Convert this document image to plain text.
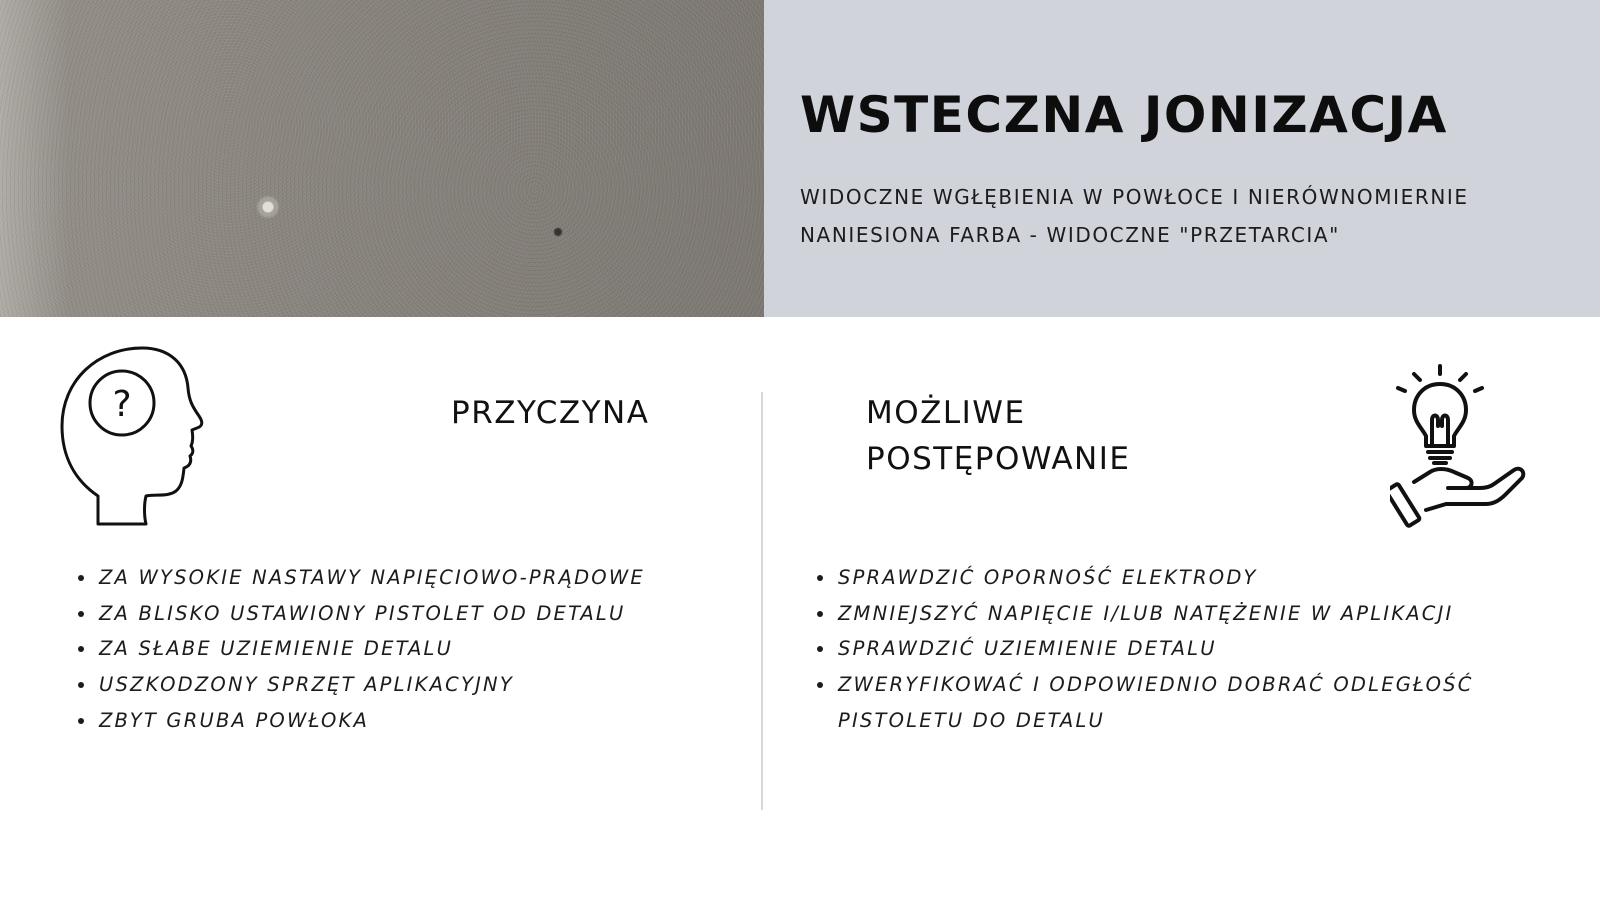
WSTECZNA JONIZACJA

WIDOCZNE WGŁĘBIENIA W POWŁOCE I NIERÓWNOMIERNIE NANIESIONA FARBA - WIDOCZNE "PRZETARCIA"

?	PRZYCZYNA
ZA WYSOKIE NASTAWY NAPIĘCIOWO-PRĄDOWE
ZA BLISKO USTAWIONY PISTOLET OD DETALU
ZA SŁABE UZIEMIENIE DETALU
USZKODZONY SPRZĘT APLIKACYJNY
ZBYT GRUBA POWŁOKA
MOŻLIWE
POSTĘPOWANIE
SPRAWDZIĆ OPORNOŚĆ ELEKTRODY
ZMNIEJSZYĆ NAPIĘCIE I/LUB NATĘŻENIE W APLIKACJI
SPRAWDZIĆ UZIEMIENIE DETALU
ZWERYFIKOWAĆ I ODPOWIEDNIO DOBRAĆ ODLEGŁOŚĆ PISTOLETU DO DETALU
